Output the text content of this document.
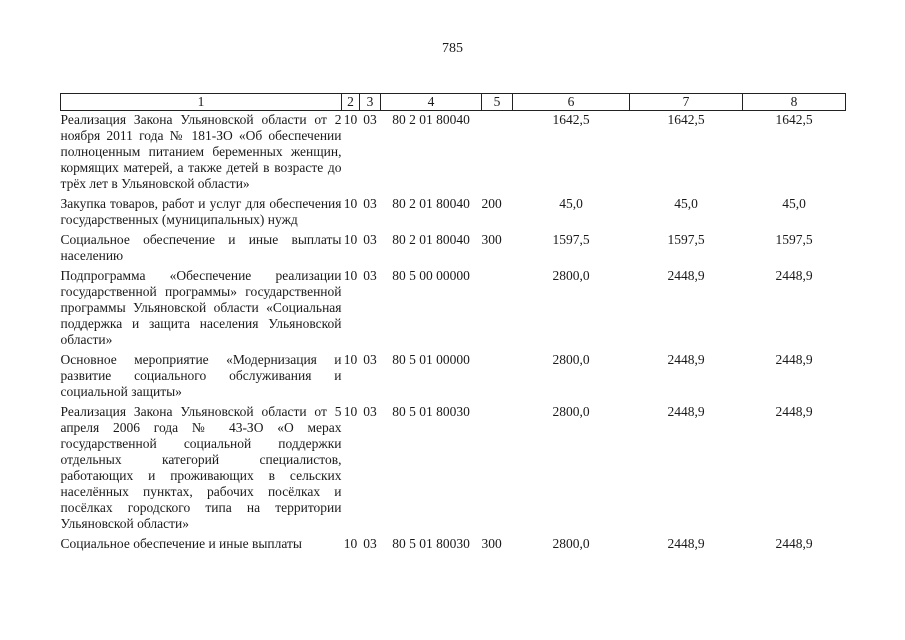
785
1	2	3	4	5	6	7	8
Реализация Закона Ульяновской области от 2 ноября 2011 года № 181-ЗО «Об обеспечении полноценным питанием беременных женщин, кормящих матерей, а также детей в возрасте до трёх лет в Ульяновской области»	10	03	80 2 01 80040		1642,5	1642,5	1642,5
Закупка товаров, работ и услуг для обеспечения государственных (муниципальных) нужд	10	03	80 2 01 80040	200	45,0	45,0	45,0
Социальное обеспечение и иные выплаты населению	10	03	80 2 01 80040	300	1597,5	1597,5	1597,5
Подпрограмма «Обеспечение реализации государственной программы» государственной программы Ульяновской области «Социальная поддержка и защита населения Ульяновской области»	10	03	80 5 00 00000		2800,0	2448,9	2448,9
Основное мероприятие «Модернизация и развитие социального обслуживания и социальной защиты»	10	03	80 5 01 00000		2800,0	2448,9	2448,9
Реализация Закона Ульяновской области от 5 апреля 2006 года № 43-ЗО «О мерах государственной социальной поддержки отдельных категорий специалистов, работающих и проживающих в сельских населённых пунктах, рабочих посёлках и посёлках городского типа на территории Ульяновской области»	10	03	80 5 01 80030		2800,0	2448,9	2448,9
Социальное обеспечение и иные выплаты	10	03	80 5 01 80030	300	2800,0	2448,9	2448,9
